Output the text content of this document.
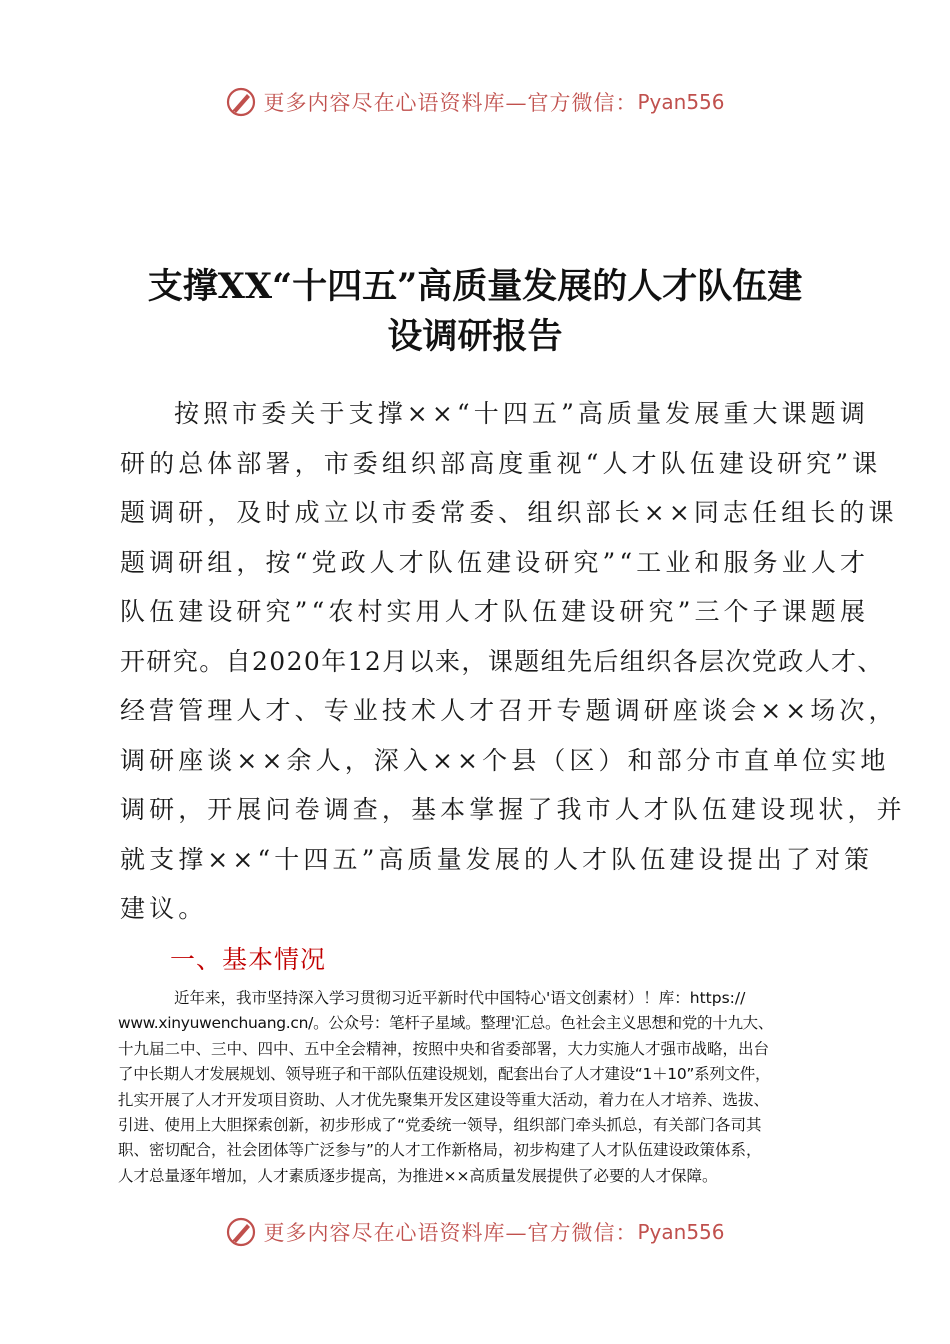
更多内容尽在心语资料库—官方微信： Pyan556
支撑XX“十四五”高质量发展的人才队伍建
设调研报告
按照市委关于支撑××“十四五”高质量发展重大课题调
研的总体部署，市委组织部高度重视“人才队伍建设研究”课
题调研，及时成立以市委常委、组织部长××同志任组长的课
题调研组，按“党政人才队伍建设研究”“工业和服务业人才
队伍建设研究”“农村实用人才队伍建设研究”三个子课题展
开研究。自2020年12月以来，课题组先后组织各层次党政人才、
经营管理人才、专业技术人才召开专题调研座谈会××场次，
调研座谈××余人，深入××个县（区）和部分市直单位实地
调研，开展问卷调查，基本掌握了我市人才队伍建设现状，并
就支撑××“十四五”高质量发展的人才队伍建设提出了对策
建议。
一、基本情况
近年来，我市坚持深入学习贯彻习近平新时代中国特心'语文创素材）！库：https://
www.xinyuwenchuang.cn/。公众号：笔杆子星域。整理'汇总。色社会主义思想和党的十九大、
十九届二中、三中、四中、五中全会精神，按照中央和省委部署，大力实施人才强市战略，出台
了中长期人才发展规划、领导班子和干部队伍建设规划，配套出台了人才建设“1＋10”系列文件，
扎实开展了人才开发项目资助、人才优先聚集开发区建设等重大活动，着力在人才培养、选拔、
引进、使用上大胆探索创新，初步形成了“党委统一领导，组织部门牵头抓总，有关部门各司其
职、密切配合，社会团体等广泛参与”的人才工作新格局，初步构建了人才队伍建设政策体系，
人才总量逐年增加，人才素质逐步提高，为推进××高质量发展提供了必要的人才保障。
更多内容尽在心语资料库—官方微信： Pyan556
